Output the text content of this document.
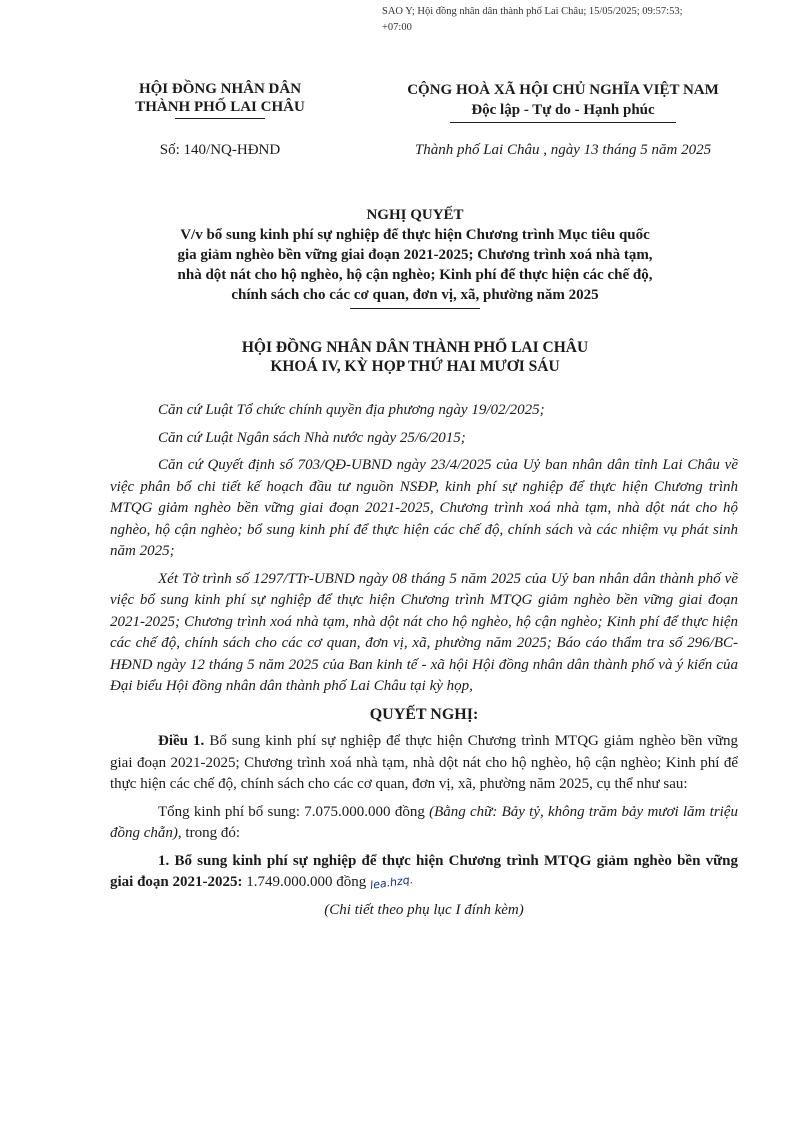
SAO Y; Hội đồng nhân dân thành phố Lai Châu; 15/05/2025; 09:57:53;
+07:00
HỘI ĐỒNG NHÂN DÂN
THÀNH PHỐ LAI CHÂU
CỘNG HOÀ XÃ HỘI CHỦ NGHĨA VIỆT NAM
Độc lập - Tự do - Hạnh phúc
Số: 140/NQ-HĐND	Thành phố Lai Châu , ngày 13 tháng 5 năm 2025
NGHỊ QUYẾT
V/v bổ sung kinh phí sự nghiệp để thực hiện Chương trình Mục tiêu quốc
gia giảm nghèo bền vững giai đoạn 2021-2025; Chương trình xoá nhà tạm,
nhà dột nát cho hộ nghèo, hộ cận nghèo; Kinh phí để thực hiện các chế độ,
chính sách cho các cơ quan, đơn vị, xã, phường năm 2025
HỘI ĐỒNG NHÂN DÂN THÀNH PHỐ LAI CHÂU
KHOÁ IV, KỲ HỌP THỨ HAI MƯƠI SÁU

Căn cứ Luật Tổ chức chính quyền địa phương ngày 19/02/2025;

Căn cứ Luật Ngân sách Nhà nước ngày 25/6/2015;

Căn cứ Quyết định số 703/QĐ-UBND ngày 23/4/2025 của Uỷ ban nhân dân tỉnh Lai Châu về việc phân bổ chi tiết kế hoạch đầu tư nguồn NSĐP, kinh phí sự nghiệp để thực hiện Chương trình MTQG giảm nghèo bền vững giai đoạn 2021-2025, Chương trình xoá nhà tạm, nhà dột nát cho hộ nghèo, hộ cận nghèo; bổ sung kinh phí để thực hiện các chế độ, chính sách và các nhiệm vụ phát sinh năm 2025;

Xét Tờ trình số 1297/TTr-UBND ngày 08 tháng 5 năm 2025 của Uỷ ban nhân dân thành phố về việc bổ sung kinh phí sự nghiệp để thực hiện Chương trình MTQG giảm nghèo bền vững giai đoạn 2021-2025; Chương trình xoá nhà tạm, nhà dột nát cho hộ nghèo, hộ cận nghèo; Kinh phí để thực hiện các chế độ, chính sách cho các cơ quan, đơn vị, xã, phường năm 2025; Báo cáo thẩm tra số 296/BC-HĐND ngày 12 tháng 5 năm 2025 của Ban kinh tế - xã hội Hội đồng nhân dân thành phố và ý kiến của Đại biểu Hội đồng nhân dân thành phố Lai Châu tại kỳ họp,

QUYẾT NGHỊ:

Điều 1. Bổ sung kinh phí sự nghiệp để thực hiện Chương trình MTQG giảm nghèo bền vững giai đoạn 2021-2025; Chương trình xoá nhà tạm, nhà dột nát cho hộ nghèo, hộ cận nghèo; Kinh phí để thực hiện các chế độ, chính sách cho các cơ quan, đơn vị, xã, phường năm 2025, cụ thể như sau:

Tổng kinh phí bổ sung: 7.075.000.000 đồng (Bằng chữ: Bảy tỷ, không trăm bảy mươi lăm triệu đồng chẵn), trong đó:

1. Bổ sung kinh phí sự nghiệp để thực hiện Chương trình MTQG giảm nghèo bền vững giai đoạn 2021-2025: 1.749.000.000 đồng lea.hzq.

(Chi tiết theo phụ lục I đính kèm)
